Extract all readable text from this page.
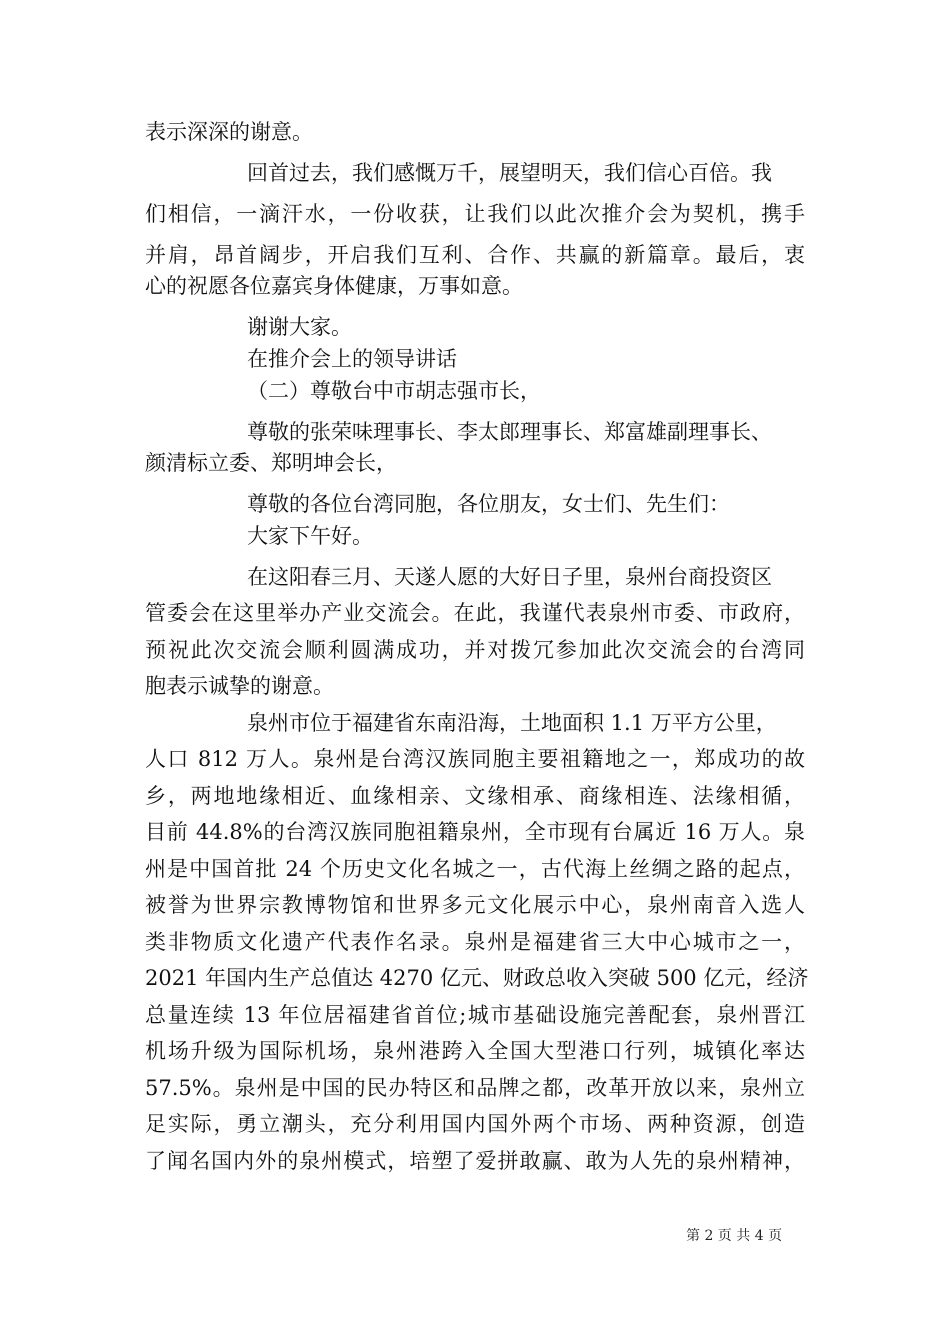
表示深深的谢意。
回首过去，我们感慨万千，展望明天，我们信心百倍。我
们相信，一滴汗水，一份收获，让我们以此次推介会为契机，携手
并肩，昂首阔步，开启我们互利、合作、共赢的新篇章。最后，衷
心的祝愿各位嘉宾身体健康，万事如意。
谢谢大家。
在推介会上的领导讲话
（二）尊敬台中市胡志强市长，
尊敬的张荣味理事长、李太郎理事长、郑富雄副理事长、
颜清标立委、郑明坤会长，
尊敬的各位台湾同胞，各位朋友，女士们、先生们：
大家下午好。
在这阳春三月、天遂人愿的大好日子里，泉州台商投资区
管委会在这里举办产业交流会。在此，我谨代表泉州市委、市政府，
预祝此次交流会顺利圆满成功，并对拨冗参加此次交流会的台湾同
胞表示诚挚的谢意。
泉州市位于福建省东南沿海，土地面积 1.1 万平方公里，
人口 812 万人。泉州是台湾汉族同胞主要祖籍地之一，郑成功的故
乡，两地地缘相近、血缘相亲、文缘相承、商缘相连、法缘相循，
目前 44.8%的台湾汉族同胞祖籍泉州，全市现有台属近 16 万人。泉
州是中国首批 24 个历史文化名城之一，古代海上丝绸之路的起点，
被誉为世界宗教博物馆和世界多元文化展示中心，泉州南音入选人
类非物质文化遗产代表作名录。泉州是福建省三大中心城市之一，
2021 年国内生产总值达 4270 亿元、财政总收入突破 500 亿元，经济
总量连续 13 年位居福建省首位;城市基础设施完善配套，泉州晋江
机场升级为国际机场，泉州港跨入全国大型港口行列，城镇化率达
57.5%。泉州是中国的民办特区和品牌之都，改革开放以来，泉州立
足实际，勇立潮头，充分利用国内国外两个市场、两种资源，创造
了闻名国内外的泉州模式，培塑了爱拼敢赢、敢为人先的泉州精神，
第 2 页 共 4 页
